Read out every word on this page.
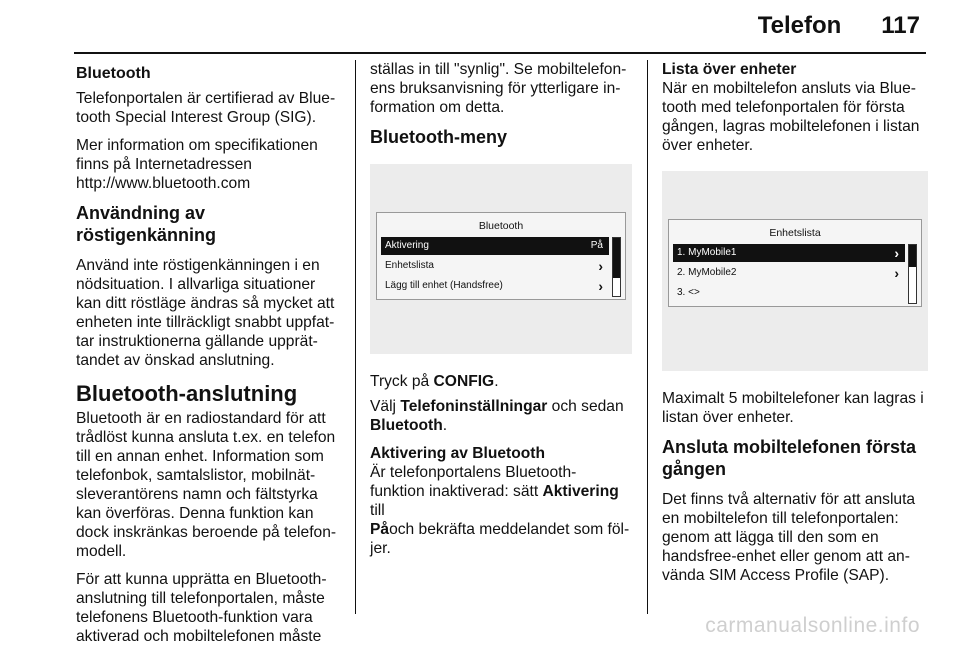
Telefon 117
Bluetooth

Telefonportalen är certifierad av Blue-tooth Special Interest Group (SIG).

Mer information om specifikationen
finns på Internetadressen
http://www.bluetooth.com

Användning av röstigenkänning

Använd inte röstigenkänningen i en nödsituation. I allvarliga situationer kan ditt röstläge ändras så mycket att enheten inte tillräckligt snabbt uppfat-tar instruktionerna gällande upprät-tandet av önskad anslutning.

Bluetooth-anslutning

Bluetooth är en radiostandard för att trådlöst kunna ansluta t.ex. en telefon till en annan enhet. Information som telefonbok, samtalslistor, mobilnät-sleverantörens namn och fältstyrka kan överföras. Denna funktion kan dock inskränkas beroende på telefon-modell.

För att kunna upprätta en Bluetooth-anslutning till telefonportalen, måste telefonens Bluetooth-funktion vara aktiverad och mobiltelefonen måste

ställas in till "synlig". Se mobiltelefon-ens bruksanvisning för ytterligare in-formation om detta.

Bluetooth-meny
Bluetooth
Aktivering	På
Enhetslista	›
Lägg till enhet (Handsfree)	›

Tryck på CONFIG.

Välj Telefoninställningar och sedan
Bluetooth.

Aktivering av Bluetooth

Är telefonportalens Bluetooth-
funktion inaktiverad: sätt Aktivering till
Påoch bekräfta meddelandet som föl-jer.

Lista över enheter

När en mobiltelefon ansluts via Blue-tooth med telefonportalen för första gången, lagras mobiltelefonen i listan över enheter.

Enhetslista
1. MyMobile1	›
2. MyMobile2	›
3. <>

Maximalt 5 mobiltelefoner kan lagras i listan över enheter.

Ansluta mobiltelefonen första gången

Det finns två alternativ för att ansluta en mobiltelefon till telefonportalen: genom att lägga till den som en handsfree-enhet eller genom att an-vända SIM Access Profile (SAP).

carmanualsonline.info
